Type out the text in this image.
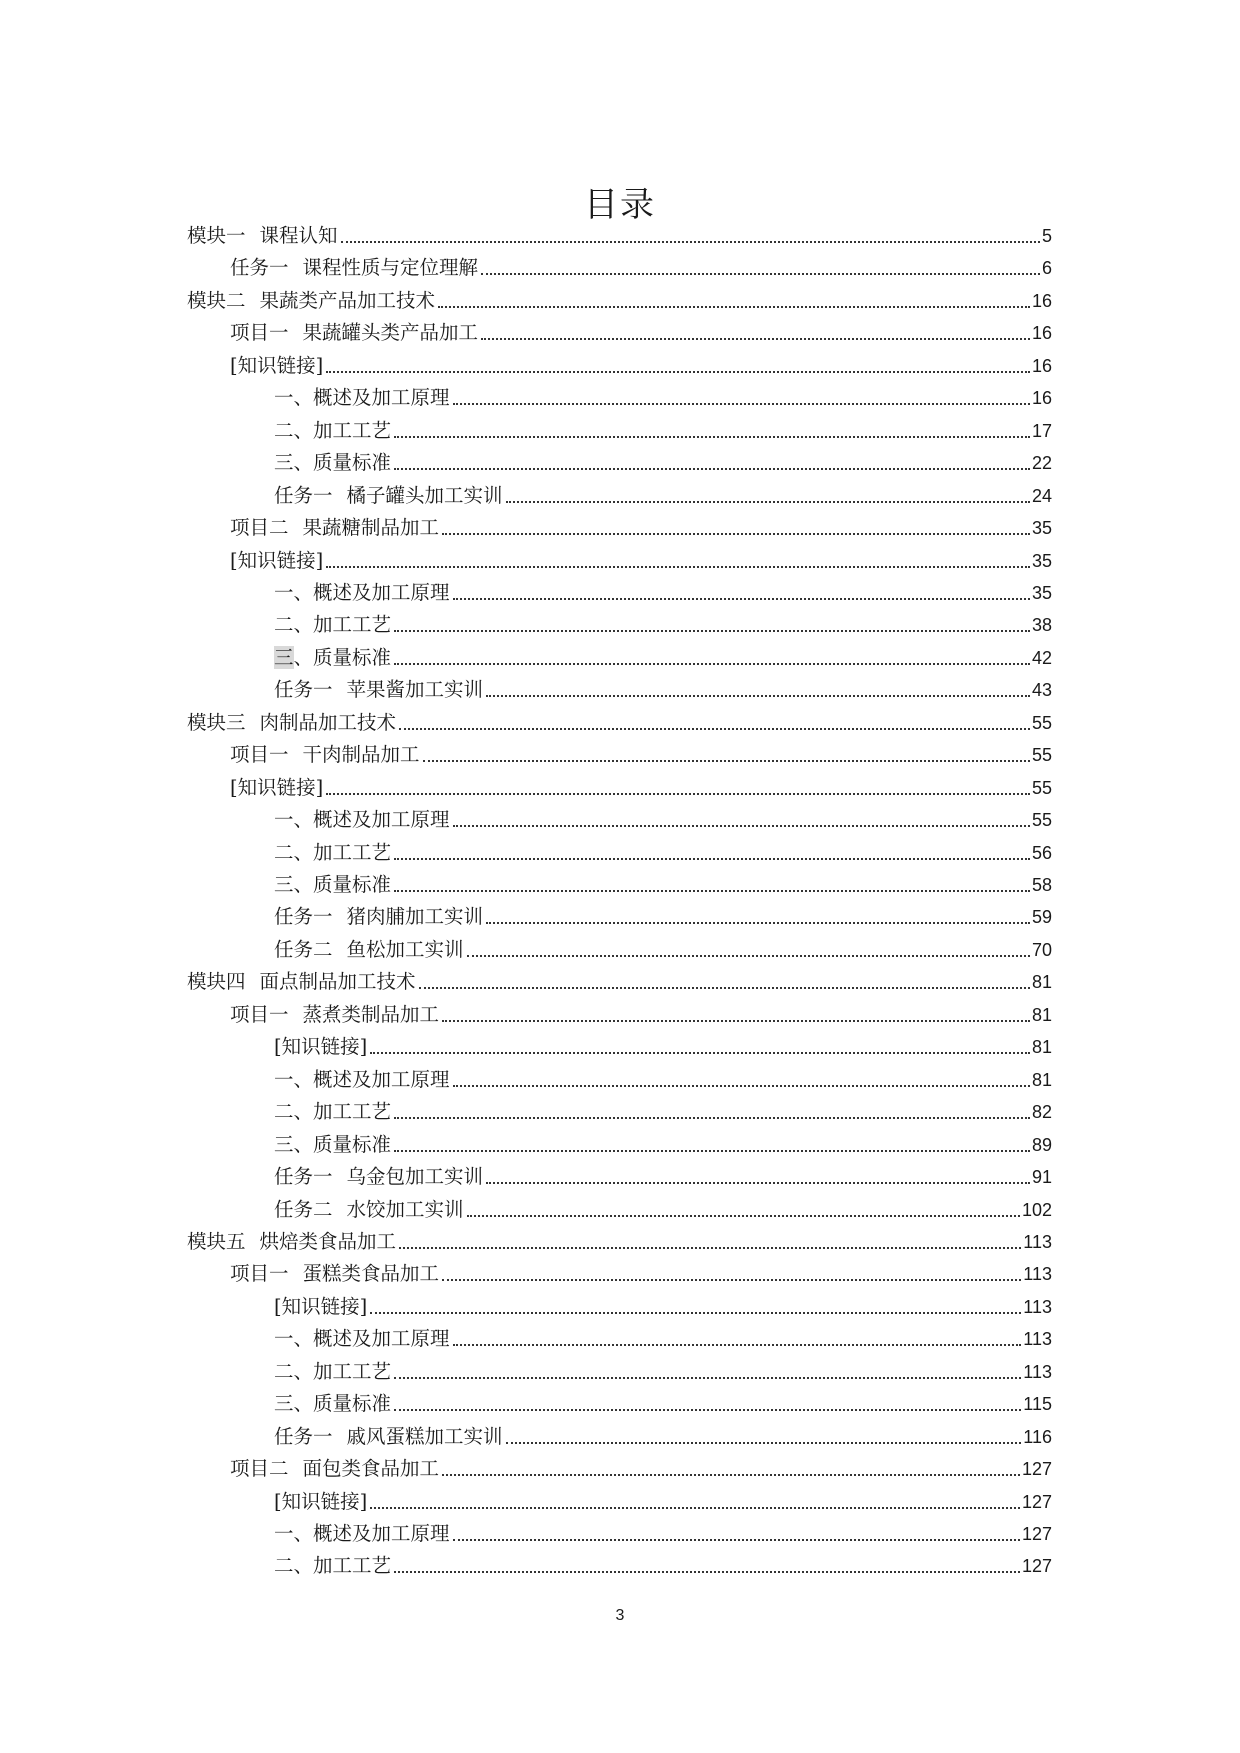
目录
模块一 课程认知	5
任务一 课程性质与定位理解	6
模块二 果蔬类产品加工技术	16
项目一 果蔬罐头类产品加工	16
[知识链接]	16
一、概述及加工原理	16
二、加工工艺	17
三、质量标准	22
任务一 橘子罐头加工实训	24
项目二 果蔬糖制品加工	35
[知识链接]	35
一、概述及加工原理	35
二、加工工艺	38
三、质量标准	42
任务一 苹果酱加工实训	43
模块三 肉制品加工技术	55
项目一 干肉制品加工	55
[知识链接]	55
一、概述及加工原理	55
二、加工工艺	56
三、质量标准	58
任务一 猪肉脯加工实训	59
任务二 鱼松加工实训	70
模块四 面点制品加工技术	81
项目一 蒸煮类制品加工	81
[知识链接]	81
一、概述及加工原理	81
二、加工工艺	82
三、质量标准	89
任务一 乌金包加工实训	91
任务二 水饺加工实训	102
模块五 烘焙类食品加工	113
项目一 蛋糕类食品加工	113
[知识链接]	113
一、概述及加工原理	113
二、加工工艺	113
三、质量标准	115
任务一 戚风蛋糕加工实训	116
项目二 面包类食品加工	127
[知识链接]	127
一、概述及加工原理	127
二、加工工艺	127
3
